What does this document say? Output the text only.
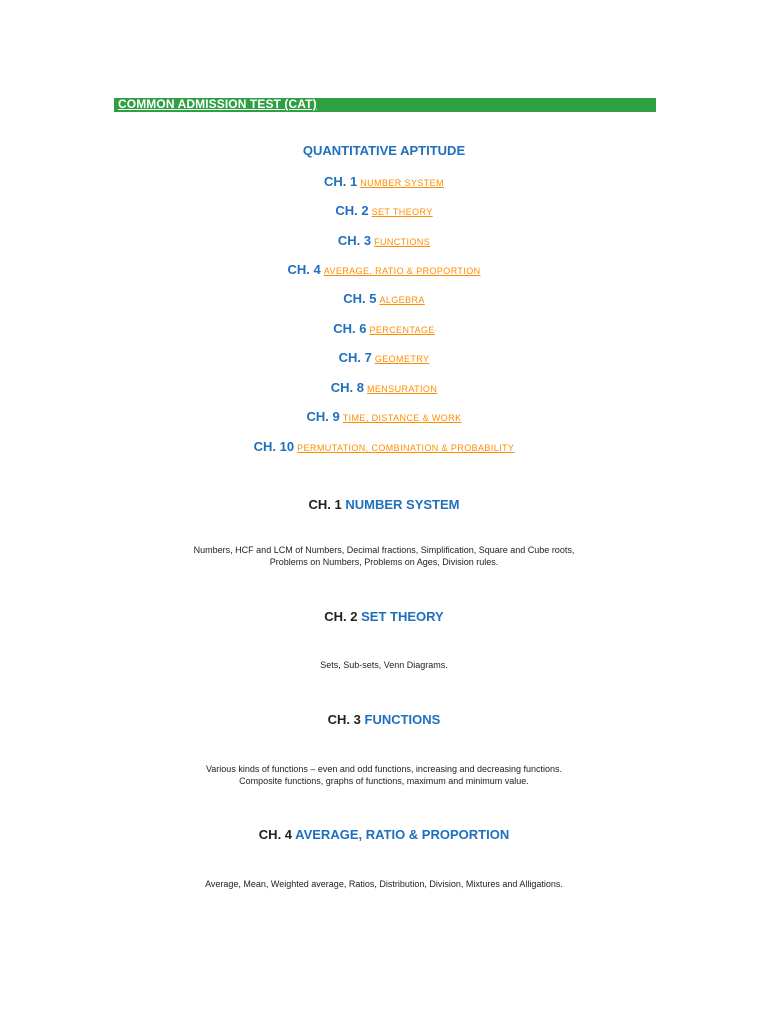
COMMON ADMISSION TEST (CAT)
QUANTITATIVE APTITUDE
CH. 1 NUMBER SYSTEM
CH. 2 SET THEORY
CH. 3 FUNCTIONS
CH. 4 AVERAGE, RATIO & PROPORTION
CH. 5 ALGEBRA
CH. 6 PERCENTAGE
CH. 7 GEOMETRY
CH. 8 MENSURATION
CH. 9 TIME, DISTANCE & WORK
CH. 10 PERMUTATION, COMBINATION & PROBABILITY
CH. 1 NUMBER SYSTEM
Numbers, HCF and LCM of Numbers, Decimal fractions, Simplification, Square and Cube roots,
Problems on Numbers, Problems on Ages, Division rules.
CH. 2 SET THEORY
Sets, Sub-sets, Venn Diagrams.
CH. 3 FUNCTIONS
Various kinds of functions – even and odd functions, increasing and decreasing functions.
Composite functions, graphs of functions, maximum and minimum value.
CH. 4 AVERAGE, RATIO & PROPORTION
Average, Mean, Weighted average, Ratios, Distribution, Division, Mixtures and Alligations.
